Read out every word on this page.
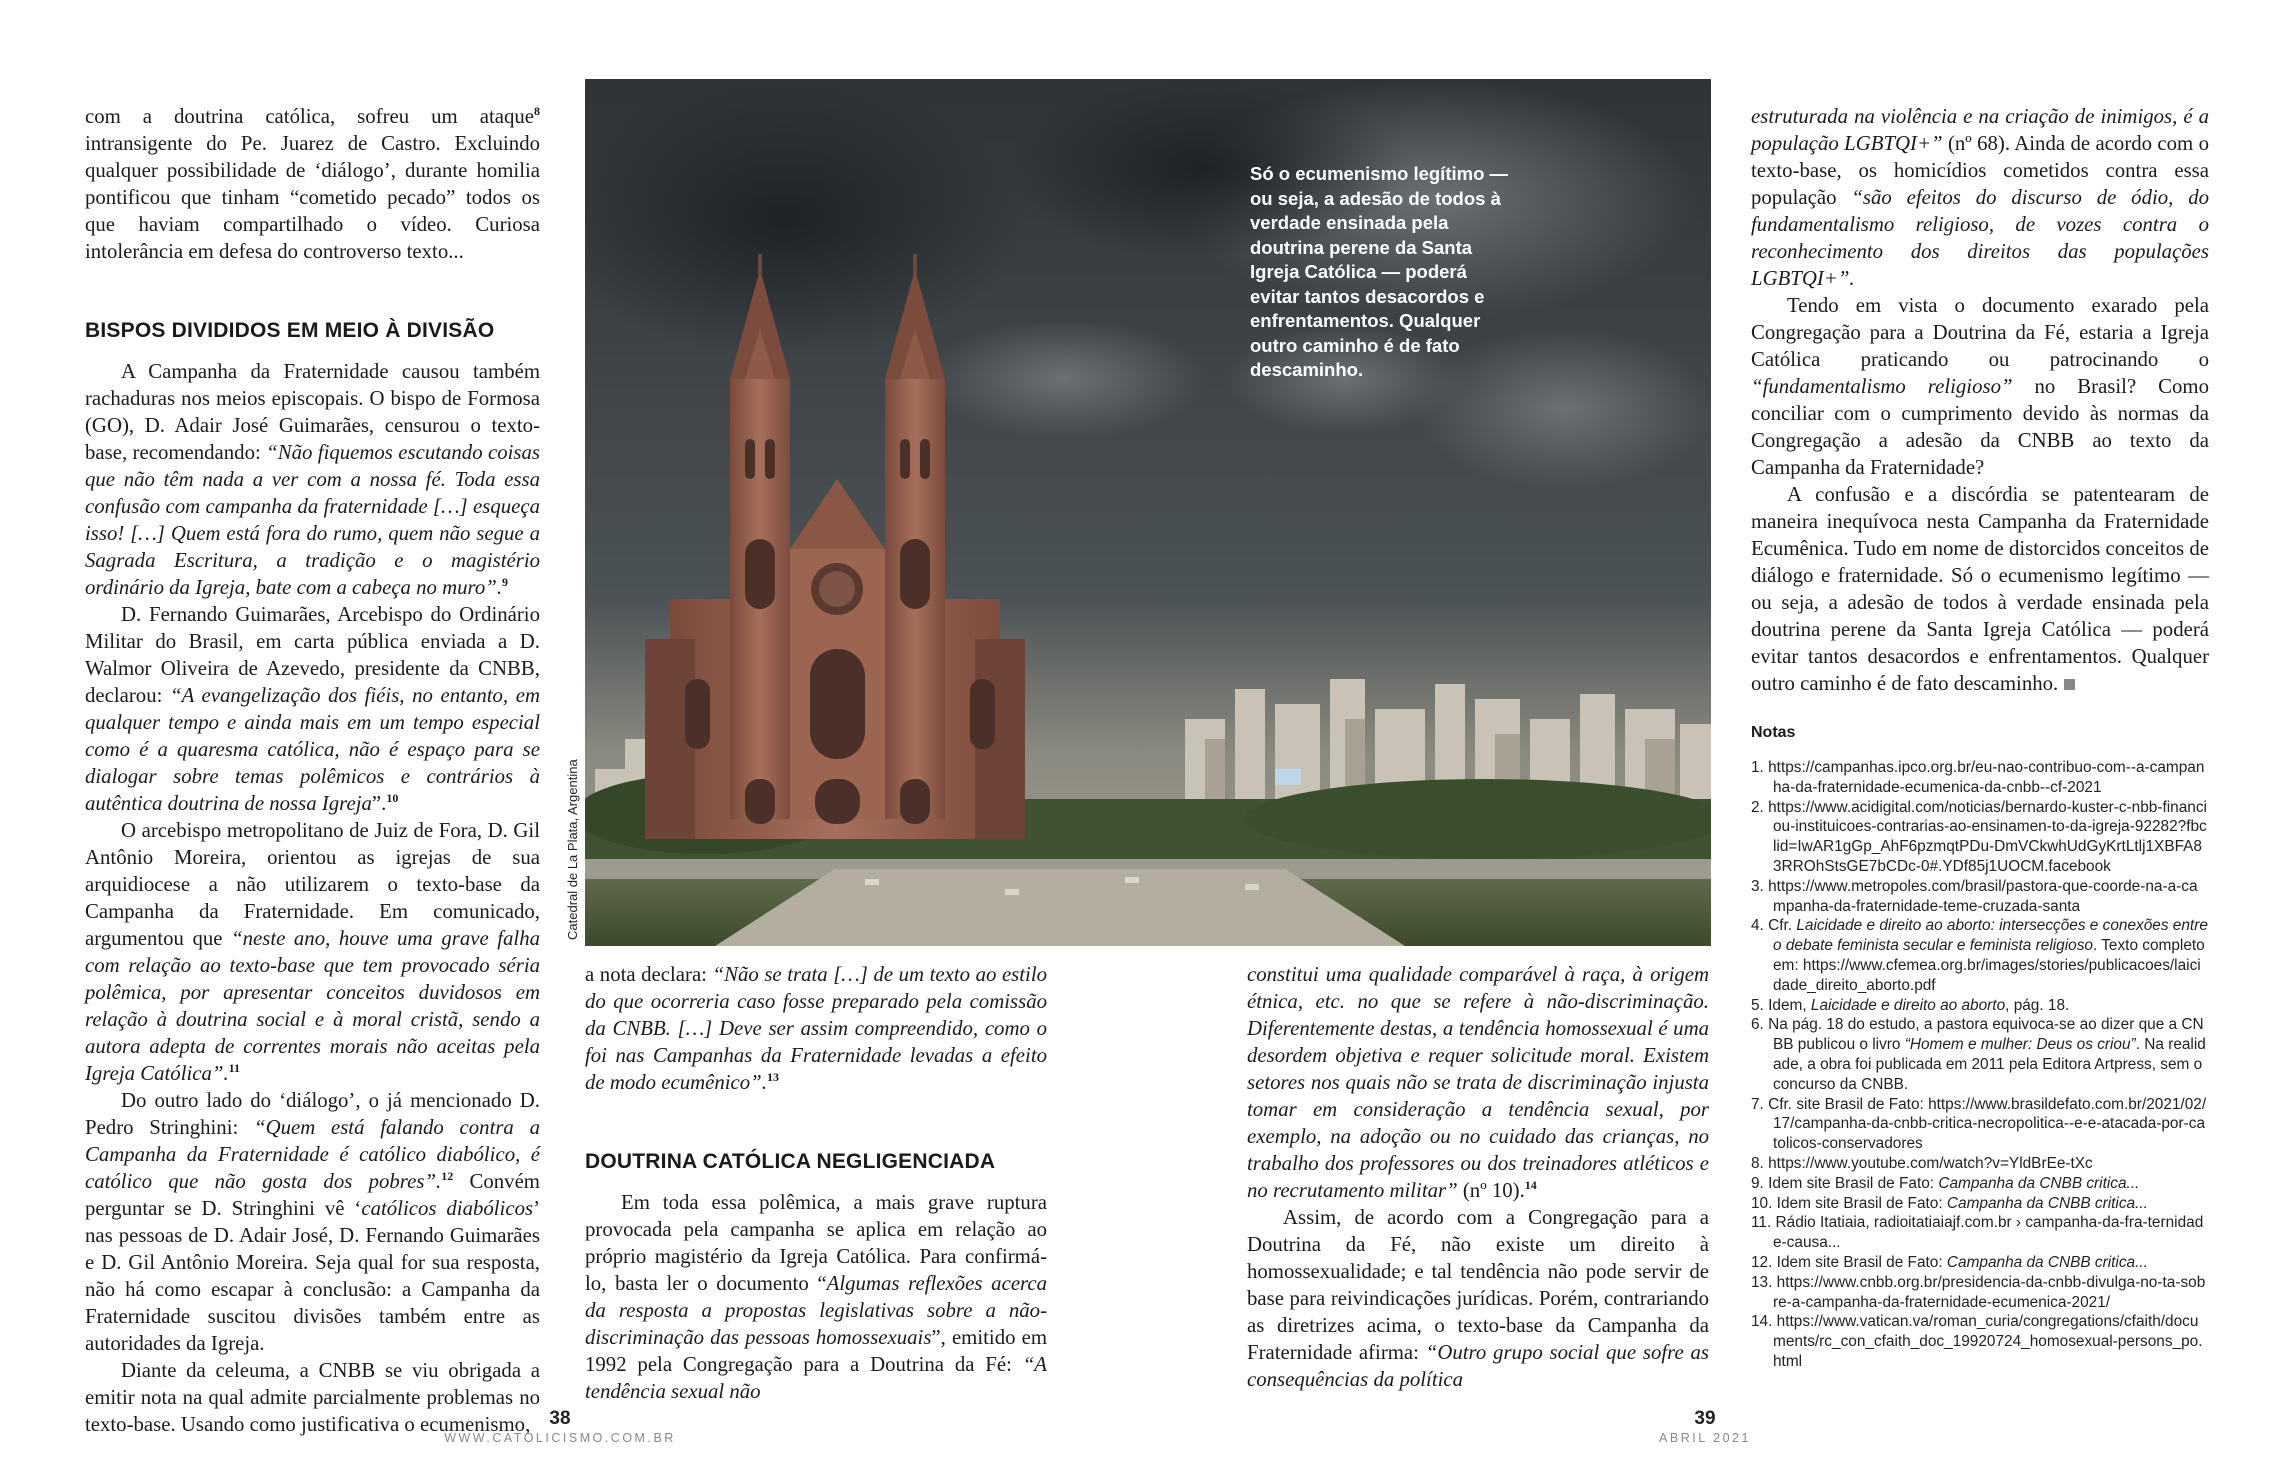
com a doutrina católica, sofreu um ataque$^8$ intransigente do Pe. Juarez de Castro. Excluindo qualquer possibilidade de ‘diálogo’, durante homilia pontificou que tinham “cometido pecado” todos os que haviam compartilhado o vídeo. Curiosa intolerância em defesa do controverso texto...

BISPOS DIVIDIDOS EM MEIO À DIVISÃO

A Campanha da Fraternidade causou também rachaduras nos meios episcopais. O bispo de Formosa (GO), D. Adair José Guimarães, censurou o texto-base, recomendando: “Não fiquemos escutando coisas que não têm nada a ver com a nossa fé. Toda essa confusão com campanha da fraternidade […] esqueça isso! […] Quem está fora do rumo, quem não segue a Sagrada Escritura, a tradição e o magistério ordinário da Igreja, bate com a cabeça no muro”.$^9$

D. Fernando Guimarães, Arcebispo do Ordinário Militar do Brasil, em carta pública enviada a D. Walmor Oliveira de Azevedo, presidente da CNBB, declarou: “A evangelização dos fiéis, no entanto, em qualquer tempo e ainda mais em um tempo especial como é a quaresma católica, não é espaço para se dialogar sobre temas polêmicos e contrários à autêntica doutrina de nossa Igreja”.$^{10}$

O arcebispo metropolitano de Juiz de Fora, D. Gil Antônio Moreira, orientou as igrejas de sua arquidiocese a não utilizarem o texto-base da Campanha da Fraternidade. Em comunicado, argumentou que “neste ano, houve uma grave falha com relação ao texto-base que tem provocado séria polêmica, por apresentar conceitos duvidosos em relação à doutrina social e à moral cristã, sendo a autora adepta de correntes morais não aceitas pela Igreja Católica”.$^{11}$

Do outro lado do ‘diálogo’, o já mencionado D. Pedro Stringhini: “Quem está falando contra a Campanha da Fraternidade é católico diabólico, é católico que não gosta dos pobres”.$^{12}$ Convém perguntar se D. Stringhini vê ‘católicos diabólicos’ nas pessoas de D. Adair José, D. Fernando Guimarães e D. Gil Antônio Moreira. Seja qual for sua resposta, não há como escapar à conclusão: a Campanha da Fraternidade suscitou divisões também entre as autoridades da Igreja.

Diante da celeuma, a CNBB se viu obrigada a emitir nota na qual admite parcialmente problemas no texto-base. Usando como justificativa o ecumenismo,

Só o ecumenismo legítimo — ou seja, a adesão de todos à verdade ensinada pela doutrina perene da Santa Igreja Católica — poderá evitar tantos desacordos e enfrentamentos. Qualquer outro caminho é de fato descaminho.
Catedral de La Plata, Argentina

a nota declara: “Não se trata […] de um texto ao estilo do que ocorreria caso fosse preparado pela comissão da CNBB. […] Deve ser assim compreendido, como o foi nas Campanhas da Fraternidade levadas a efeito de modo ecumênico”.$^{13}$

DOUTRINA CATÓLICA NEGLIGENCIADA

Em toda essa polêmica, a mais grave ruptura provocada pela campanha se aplica em relação ao próprio magistério da Igreja Católica. Para confirmá-lo, basta ler o documento “Algumas reflexões acerca da resposta a propostas legislativas sobre a não-discriminação das pessoas homossexuais”, emitido em 1992 pela Congregação para a Doutrina da Fé: “A tendência sexual não

constitui uma qualidade comparável à raça, à origem étnica, etc. no que se refere à não-discriminação. Diferentemente destas, a tendência homossexual é uma desordem objetiva e requer solicitude moral. Existem setores nos quais não se trata de discriminação injusta tomar em consideração a tendência sexual, por exemplo, na adoção ou no cuidado das crianças, no trabalho dos professores ou dos treinadores atléticos e no recrutamento militar” (nº 10).$^{14}$

Assim, de acordo com a Congregação para a Doutrina da Fé, não existe um direito à homossexualidade; e tal tendência não pode servir de base para reivindicações jurídicas. Porém, contrariando as diretrizes acima, o texto-base da Campanha da Fraternidade afirma: “Outro grupo social que sofre as consequências da política

estruturada na violência e na criação de inimigos, é a população LGBTQI+” (nº 68). Ainda de acordo com o texto-base, os homicídios cometidos contra essa população “são efeitos do discurso de ódio, do fundamentalismo religioso, de vozes contra o reconhecimento dos direitos das populações LGBTQI+”.

Tendo em vista o documento exarado pela Congregação para a Doutrina da Fé, estaria a Igreja Católica praticando ou patrocinando o “fundamentalismo religioso” no Brasil? Como conciliar com o cumprimento devido às normas da Congregação a adesão da CNBB ao texto da Campanha da Fraternidade?

A confusão e a discórdia se patentearam de maneira inequívoca nesta Campanha da Fraternidade Ecumênica. Tudo em nome de distorcidos conceitos de diálogo e fraternidade. Só o ecumenismo legítimo — ou seja, a adesão de todos à verdade ensinada pela doutrina perene da Santa Igreja Católica — poderá evitar tantos desacordos e enfrentamentos. Qualquer outro caminho é de fato descaminho.

Notas
1. https://campanhas.ipco.org.br/eu-nao-contribuo-com--a-campanha-da-fraternidade-ecumenica-da-cnbb--cf-2021
2. https://www.acidigital.com/noticias/bernardo-kuster-c-nbb-financiou-instituicoes-contrarias-ao-ensinamen-to-da-igreja-92282?fbclid=IwAR1gGp_AhF6pzmqtPDu-DmVCkwhUdGyKrtLtlj1XBFA83RROhStsGE7bCDc-0#.YDf85j1UOCM.facebook
3. https://www.metropoles.com/brasil/pastora-que-coorde-na-a-campanha-da-fraternidade-teme-cruzada-santa
4. Cfr. Laicidade e direito ao aborto: intersecções e conexões entre o debate feminista secular e feminista religioso. Texto completo em: https://www.cfemea.org.br/images/stories/publicacoes/laicidade_direito_aborto.pdf
5. Idem, Laicidade e direito ao aborto, pág. 18.
6. Na pág. 18 do estudo, a pastora equivoca-se ao dizer que a CNBB publicou o livro “Homem e mulher: Deus os criou”. Na realidade, a obra foi publicada em 2011 pela Editora Artpress, sem o concurso da CNBB.
7. Cfr. site Brasil de Fato: https://www.brasildefato.com.br/2021/02/17/campanha-da-cnbb-critica-necropolitica--e-e-atacada-por-catolicos-conservadores
8. https://www.youtube.com/watch?v=YldBrEe-tXc
9. Idem site Brasil de Fato: Campanha da CNBB critica...
10. Idem site Brasil de Fato: Campanha da CNBB critica...
11. Rádio Itatiaia, radioitatiaiajf.com.br › campanha-da-fra-ternidade-causa...
12. Idem site Brasil de Fato: Campanha da CNBB critica...
13. https://www.cnbb.org.br/presidencia-da-cnbb-divulga-no-ta-sobre-a-campanha-da-fraternidade-ecumenica-2021/
14. https://www.vatican.va/roman_curia/congregations/cfaith/documents/rc_con_cfaith_doc_19920724_homosexual-persons_po.html
38
WWW.CATOLICISMO.COM.BR
39
ABRIL 2021
